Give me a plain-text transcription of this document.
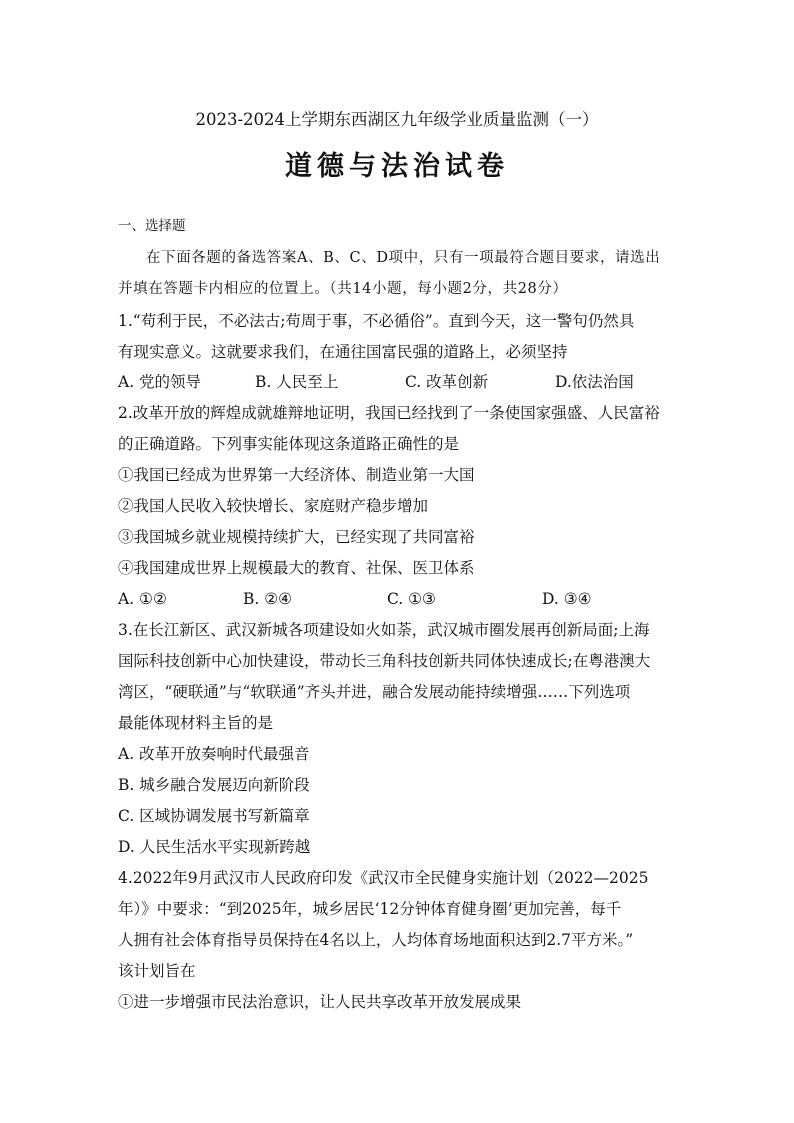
2023-2024上学期东西湖区九年级学业质量监测（一）
道德与法治试卷
一、选择题
在下面各题的备选答案A、B、C、D项中，只有一项最符合题目要求，请选出
并填在答题卡内相应的位置上。（共14小题，每小题2分，共28分）
1.“苟利于民，不必法古;苟周于事，不必循俗”。直到今天，这一警句仍然具
有现实意义。这就要求我们，在通往国富民强的道路上，必须坚持
A. 党的领导	B. 人民至上	C. 改革创新	D.依法治国
2.改革开放的辉煌成就雄辩地证明，我国已经找到了一条使国家强盛、人民富裕
的正确道路。下列事实能体现这条道路正确性的是
①我国已经成为世界第一大经济体、制造业第一大国
②我国人民收入较快增长、家庭财产稳步增加
③我国城乡就业规模持续扩大，已经实现了共同富裕
④我国建成世界上规模最大的教育、社保、医卫体系
A. ①②	B. ②④	C. ①③	D. ③④
3.在长江新区、武汉新城各项建设如火如荼，武汉城市圈发展再创新局面;上海
国际科技创新中心加快建设，带动长三角科技创新共同体快速成长;在粤港澳大
湾区，“硬联通”与“软联通”齐头并进，融合发展动能持续增强……下列选项
最能体现材料主旨的是
A. 改革开放奏响时代最强音
B. 城乡融合发展迈向新阶段
C. 区域协调发展书写新篇章
D. 人民生活水平实现新跨越
4.2022年9月武汉市人民政府印发《武汉市全民健身实施计划（2022—2025
年）》中要求：“到2025年，城乡居民‘12分钟体育健身圈’更加完善，每千
人拥有社会体育指导员保持在4名以上，人均体育场地面积达到2.7平方米。”
该计划旨在
①进一步增强市民法治意识，让人民共享改革开放发展成果
